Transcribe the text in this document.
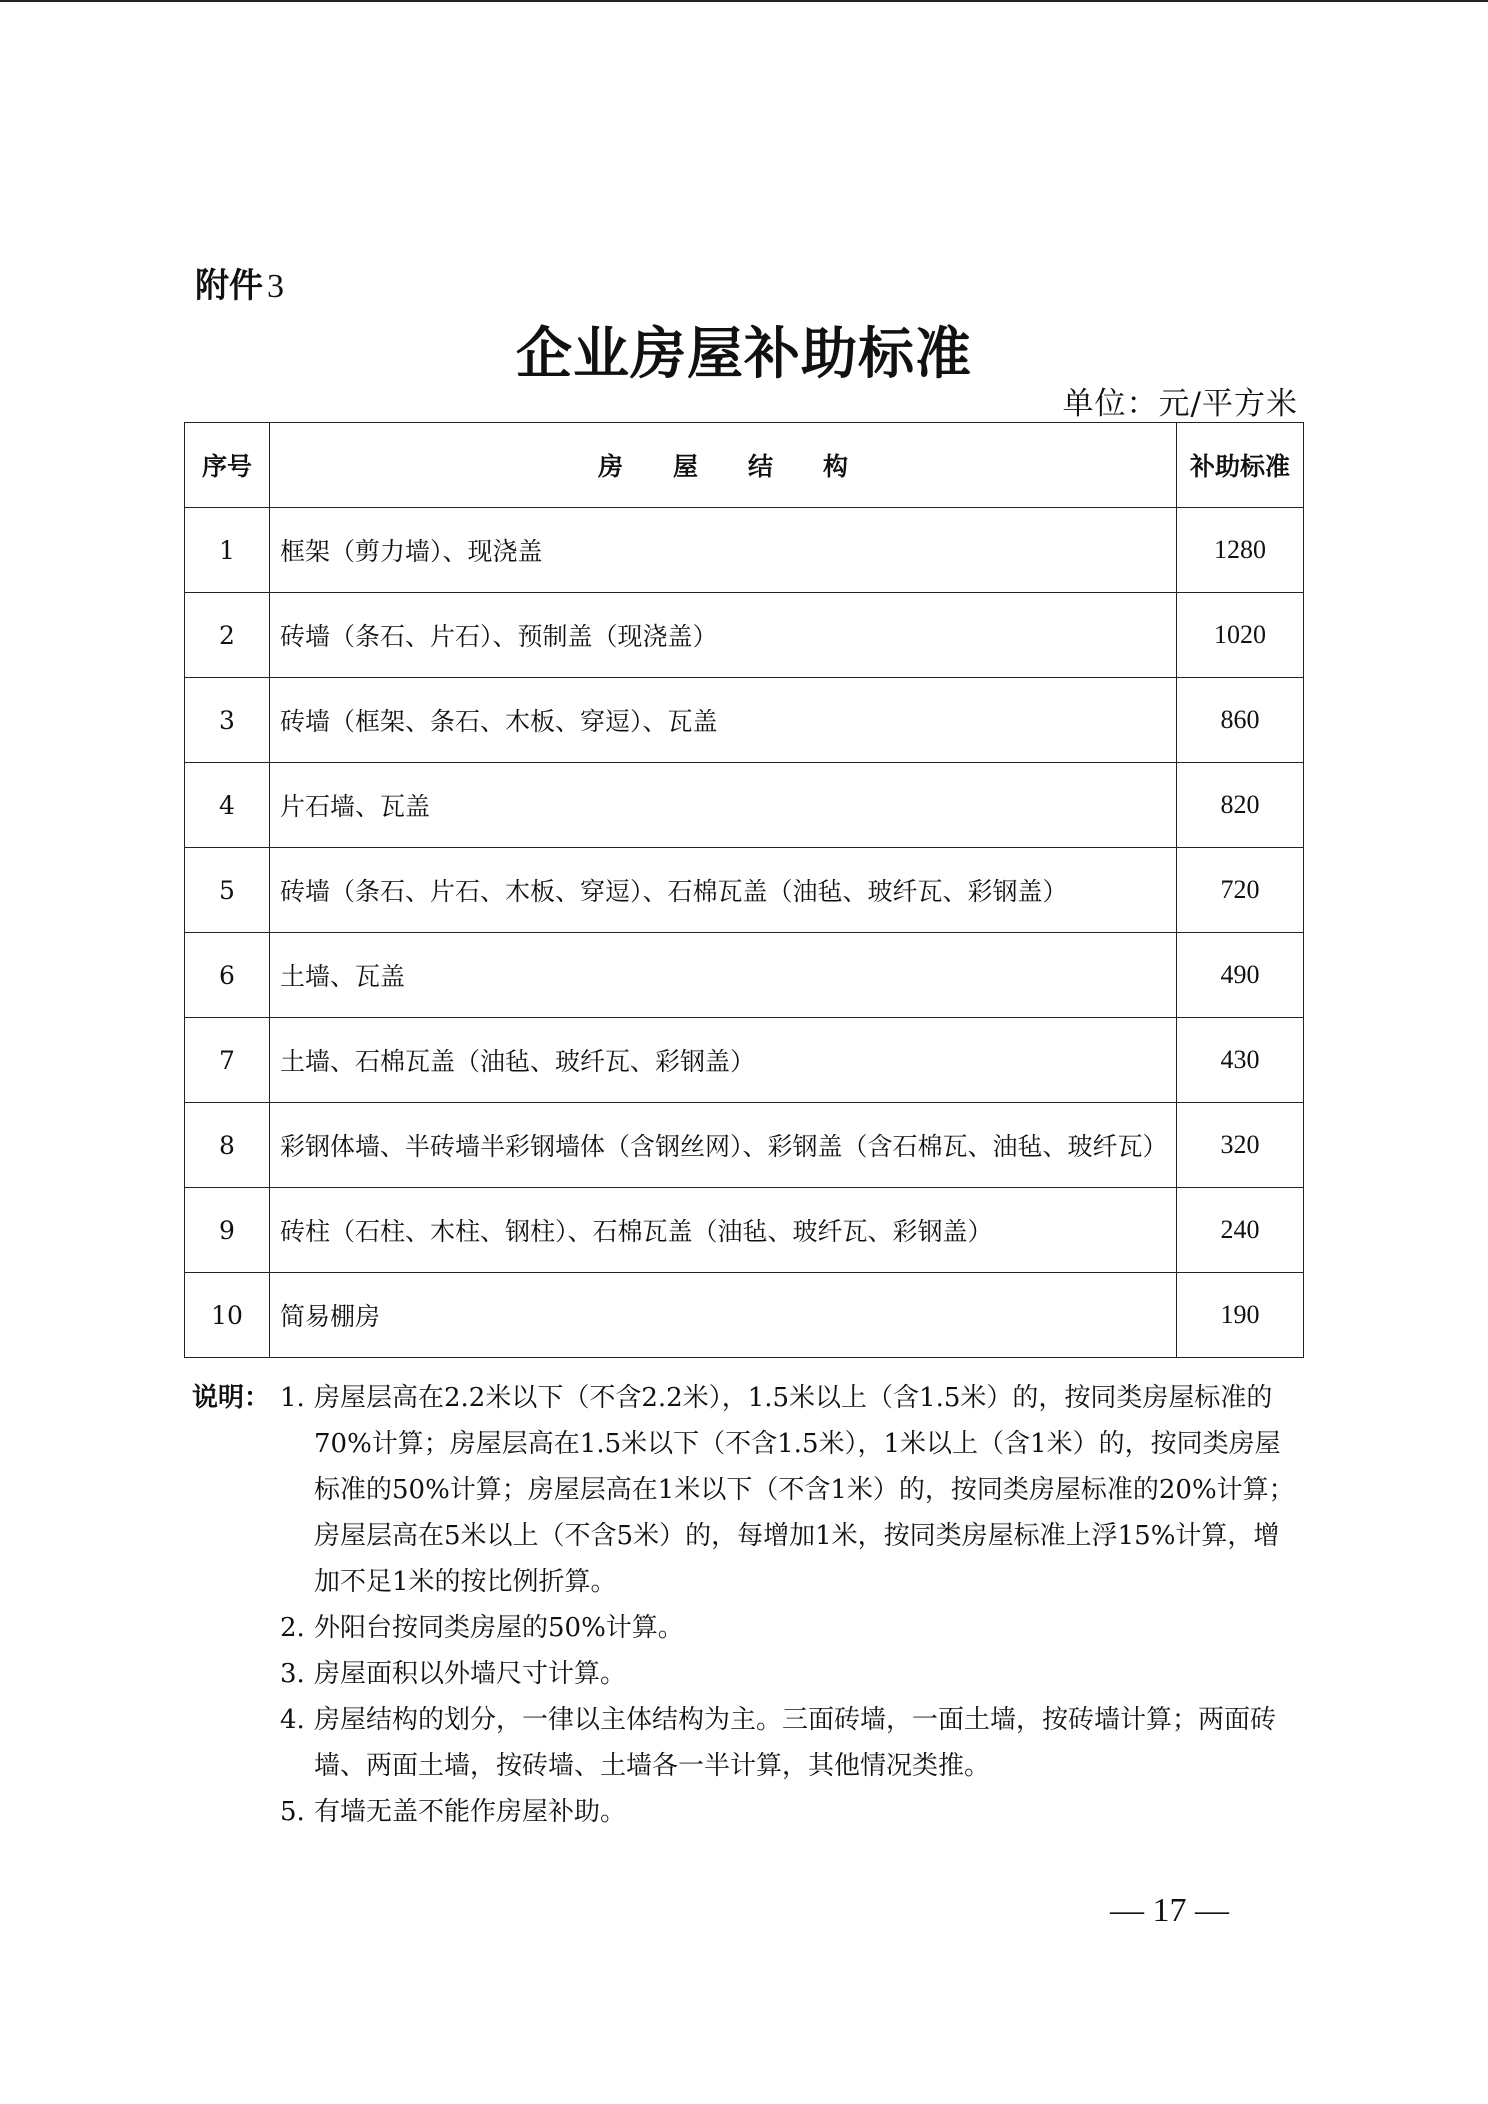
附件 3
企业房屋补助标准
单位：元/平方米
序号	房屋结构	补助标准
1	框架（剪力墙）、现浇盖	1280
2	砖墙（条石、片石）、预制盖（现浇盖）	1020
3	砖墙（框架、条石、木板、穿逗）、瓦盖	860
4	片石墙、瓦盖	820
5	砖墙（条石、片石、木板、穿逗）、石棉瓦盖（油毡、玻纤瓦、彩钢盖）	720
6	土墙、瓦盖	490
7	土墙、石棉瓦盖（油毡、玻纤瓦、彩钢盖）	430
8	彩钢体墙、半砖墙半彩钢墙体（含钢丝网）、彩钢盖（含石棉瓦、油毡、玻纤瓦）	320
9	砖柱（石柱、木柱、钢柱）、石棉瓦盖（油毡、玻纤瓦、彩钢盖）	240
10	简易棚房	190
说明： 1. 房屋层高在2.2米以下（不含2.2米），1.5米以上（含1.5米）的，按同类房屋标准的70%计算；房屋层高在1.5米以下（不含1.5米），1米以上（含1米）的，按同类房屋标准的50%计算；房屋层高在1米以下（不含1米）的，按同类房屋标准的20%计算；房屋层高在5米以上（不含5米）的，每增加1米，按同类房屋标准上浮15%计算，增加不足1米的按比例折算。
2. 外阳台按同类房屋的50%计算。
3. 房屋面积以外墙尺寸计算。
4. 房屋结构的划分，一律以主体结构为主。三面砖墙，一面土墙，按砖墙计算；两面砖墙、两面土墙，按砖墙、土墙各一半计算，其他情况类推。
5. 有墙无盖不能作房屋补助。
— 17 —
